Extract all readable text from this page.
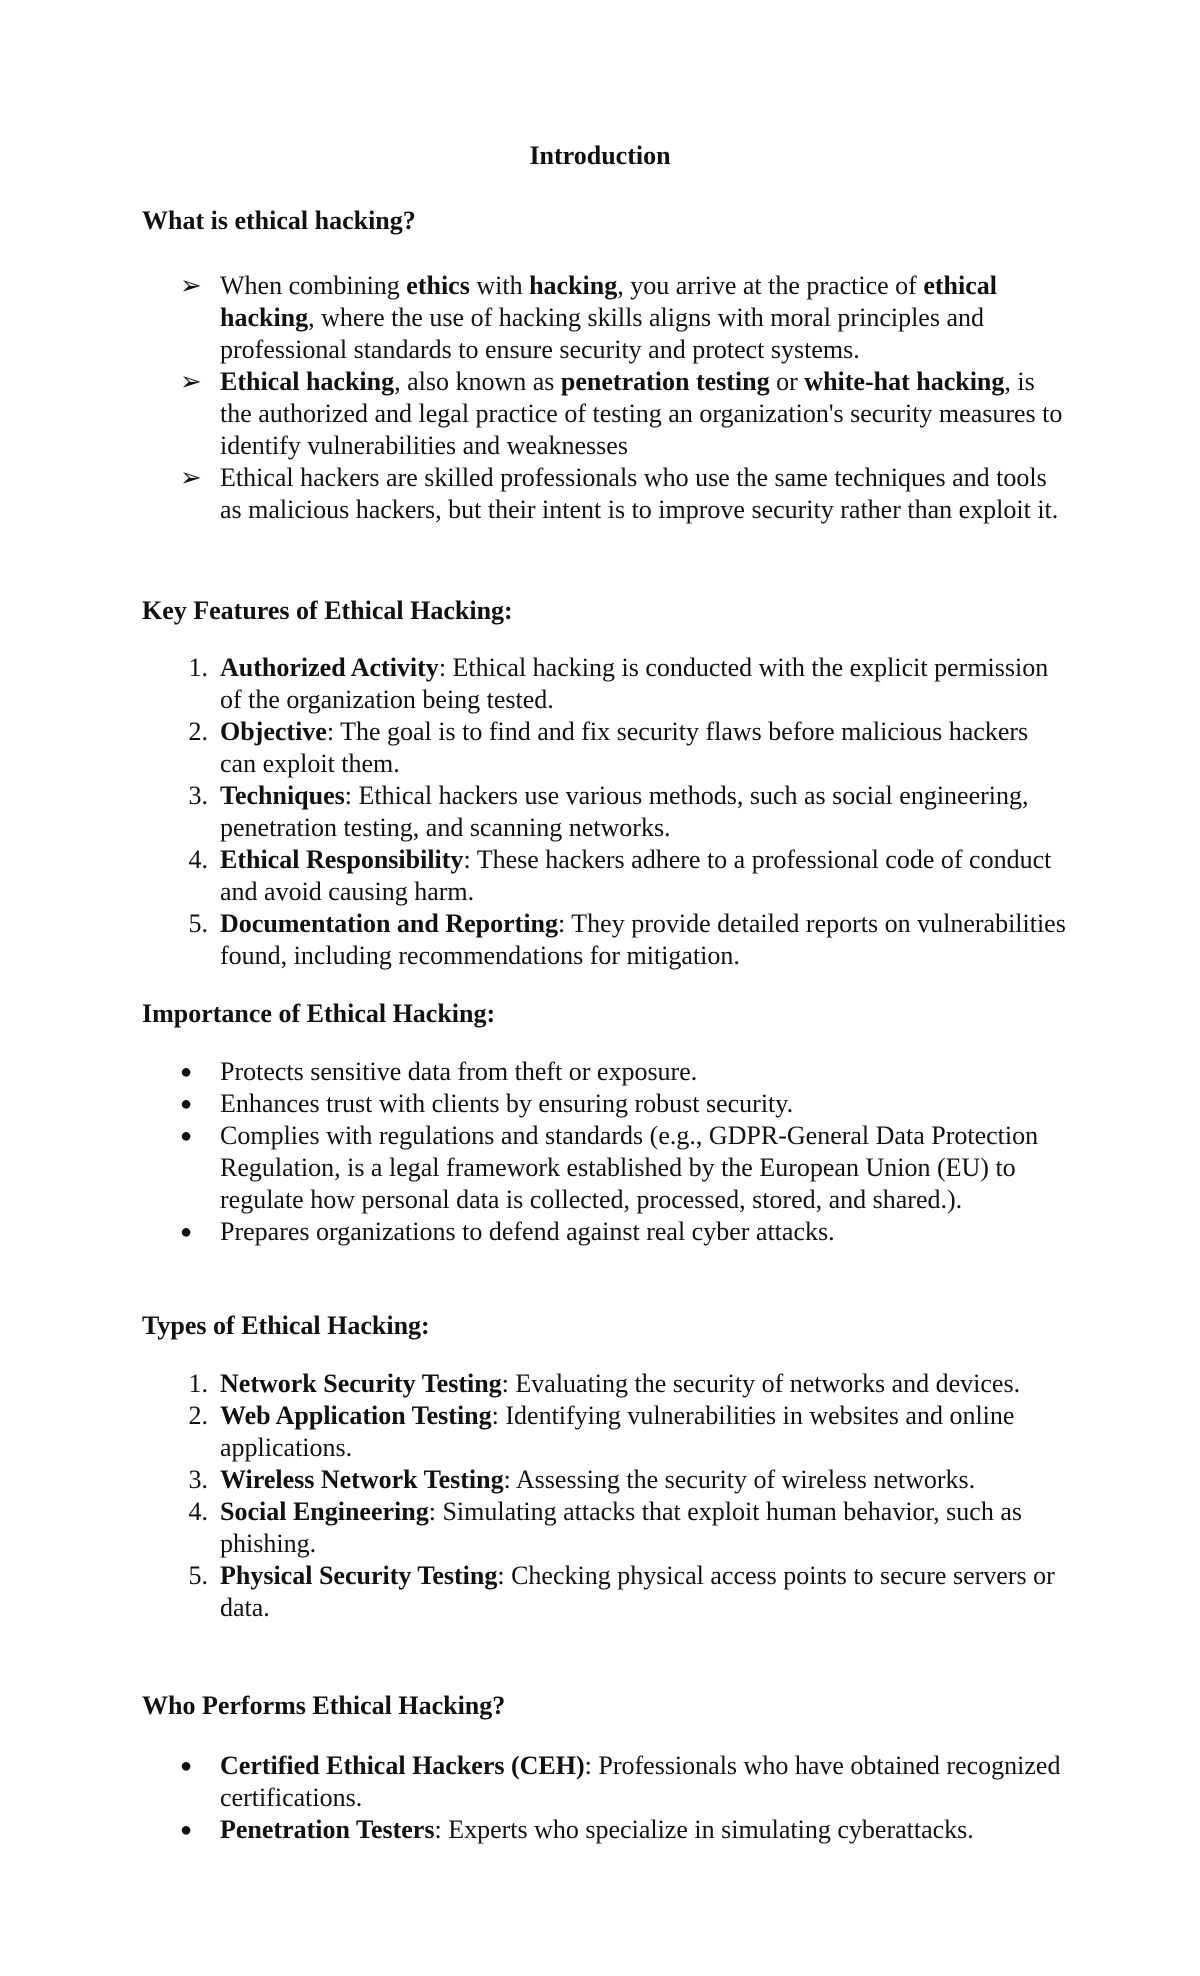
Introduction
What is ethical hacking?
➢ When combining ethics with hacking, you arrive at the practice of ethical hacking, where the use of hacking skills aligns with moral principles and professional standards to ensure security and protect systems.
➢ Ethical hacking, also known as penetration testing or white-hat hacking, is the authorized and legal practice of testing an organization's security measures to identify vulnerabilities and weaknesses
➢ Ethical hackers are skilled professionals who use the same techniques and tools as malicious hackers, but their intent is to improve security rather than exploit it.
Key Features of Ethical Hacking:
1. Authorized Activity: Ethical hacking is conducted with the explicit permission of the organization being tested.
2. Objective: The goal is to find and fix security flaws before malicious hackers can exploit them.
3. Techniques: Ethical hackers use various methods, such as social engineering, penetration testing, and scanning networks.
4. Ethical Responsibility: These hackers adhere to a professional code of conduct and avoid causing harm.
5. Documentation and Reporting: They provide detailed reports on vulnerabilities found, including recommendations for mitigation.
Importance of Ethical Hacking:
● Protects sensitive data from theft or exposure.
● Enhances trust with clients by ensuring robust security.
● Complies with regulations and standards (e.g., GDPR-General Data Protection Regulation, is a legal framework established by the European Union (EU) to regulate how personal data is collected, processed, stored, and shared.).
● Prepares organizations to defend against real cyber attacks.
Types of Ethical Hacking:
1. Network Security Testing: Evaluating the security of networks and devices.
2. Web Application Testing: Identifying vulnerabilities in websites and online applications.
3. Wireless Network Testing: Assessing the security of wireless networks.
4. Social Engineering: Simulating attacks that exploit human behavior, such as phishing.
5. Physical Security Testing: Checking physical access points to secure servers or data.
Who Performs Ethical Hacking?
● Certified Ethical Hackers (CEH): Professionals who have obtained recognized certifications.
● Penetration Testers: Experts who specialize in simulating cyberattacks.
